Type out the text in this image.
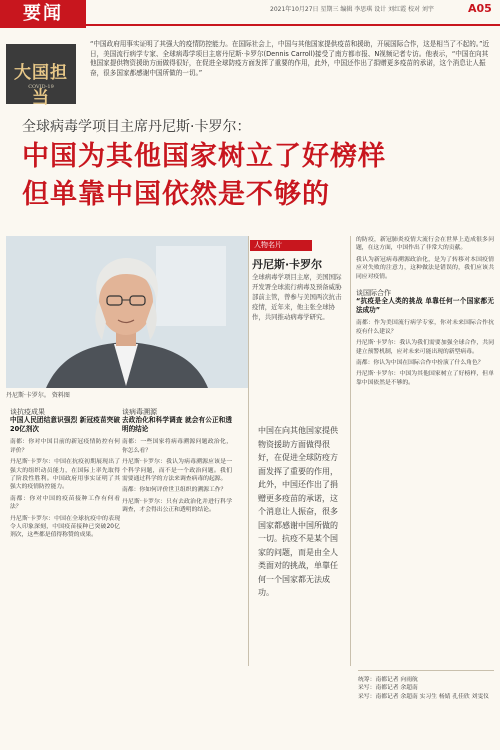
要闻	2021年10月27日 星期三 编辑 李思琪 设计 刘红霞 校对 刘宇	A05
大国担当
COVID-19
“中国政府用事实证明了其强大的疫情防控能力。在国际社会上，中国与其他国家提供疫苗和援助，开展国际合作，这是相当了不起的。”近日，美国流行病学专家、全球病毒学项目主席丹尼斯·卡罗尔(Dennis Carroll)接受了南方都市报、N视频记者专访。他表示，“中国在向其他国家提供物资援助方面做得很好，在促进全球防疫方面发挥了重要的作用，此外，中国还作出了捐赠更多疫苗的承诺，这个消息让人振奋，很多国家都感谢中国所做的一切。”
全球病毒学项目主席丹尼斯·卡罗尔：
中国为其他国家树立了好榜样
但单靠中国依然是不够的
丹尼斯·卡罗尔。 资料图
人物名片
丹尼斯·卡罗尔
全球病毒学项目主席，美国国际开发署全球流行病毒及预备威胁部前主管，曾参与美国两次抗击疫情，近年来，他主张全球协作，共同推动病毒学研究。
谈抗疫成果
中国人民团结意识强烈 新冠疫苗突破20亿剂次

南都：你对中国目前的新冠疫情防控有何评价？

丹尼斯·卡罗尔：中国在抗疫初期展现出了强大的组织动员能力，在国际上率先取得了阶段性胜利。中国政府用事实证明了其强大的疫情防控能力。

南都：你对中国的疫苗接种工作有何看法？

丹尼斯·卡罗尔：中国在全球抗疫中的表现令人印象深刻，中国疫苗接种已突破20亿剂次，这些都是值得称赞的成果。

谈病毒溯源
去政治化和科学调查 就会有公正和透明的结论

南都：一些国家将病毒溯源问题政治化，你怎么看？

丹尼斯·卡罗尔：我认为病毒溯源应该是一个科学问题，而不是一个政治问题。我们需要通过科学的方法来调查病毒的起源。

南都：你如何评价世卫组织的溯源工作？

丹尼斯·卡罗尔：只有去政治化并进行科学调查，才会得出公正和透明的结论。

中国在向其他国家提供物资援助方面做得很好，在促进全球防疫方面发挥了重要的作用，此外，中国还作出了捐赠更多疫苗的承诺，这个消息让人振奋，很多国家都感谢中国所做的一切。抗疫不是某个国家的问题，而是由全人类面对的挑战，单靠任何一个国家都无法成功。

的防疫，新冠肺炎疫情大流行会在世界上造成很多问题，在这方面，中国作出了非常大的贡献。

我认为新冠病毒溯源政治化，是为了转移对本国疫情应对失败的注意力，这种做法是错误的，我们应该共同应对疫情。

谈国际合作
“抗疫是全人类的挑战 单靠任何一个国家都无法成功”

南都：作为美国流行病学专家，你对未来国际合作抗疫有什么建议？

丹尼斯·卡罗尔：我认为我们需要加强全球合作，共同建立预警机制，应对未来可能出现的新型病毒。

南都：你认为中国在国际合作中扮演了什么角色？

丹尼斯·卡罗尔：中国为其他国家树立了好榜样，但单靠中国依然是不够的。

统筹：南都记者 向雨航
采写：南都记者 余超南
采写：南都记者 余超南 实习生 杨婧 孔佳欣 刘雯仪
